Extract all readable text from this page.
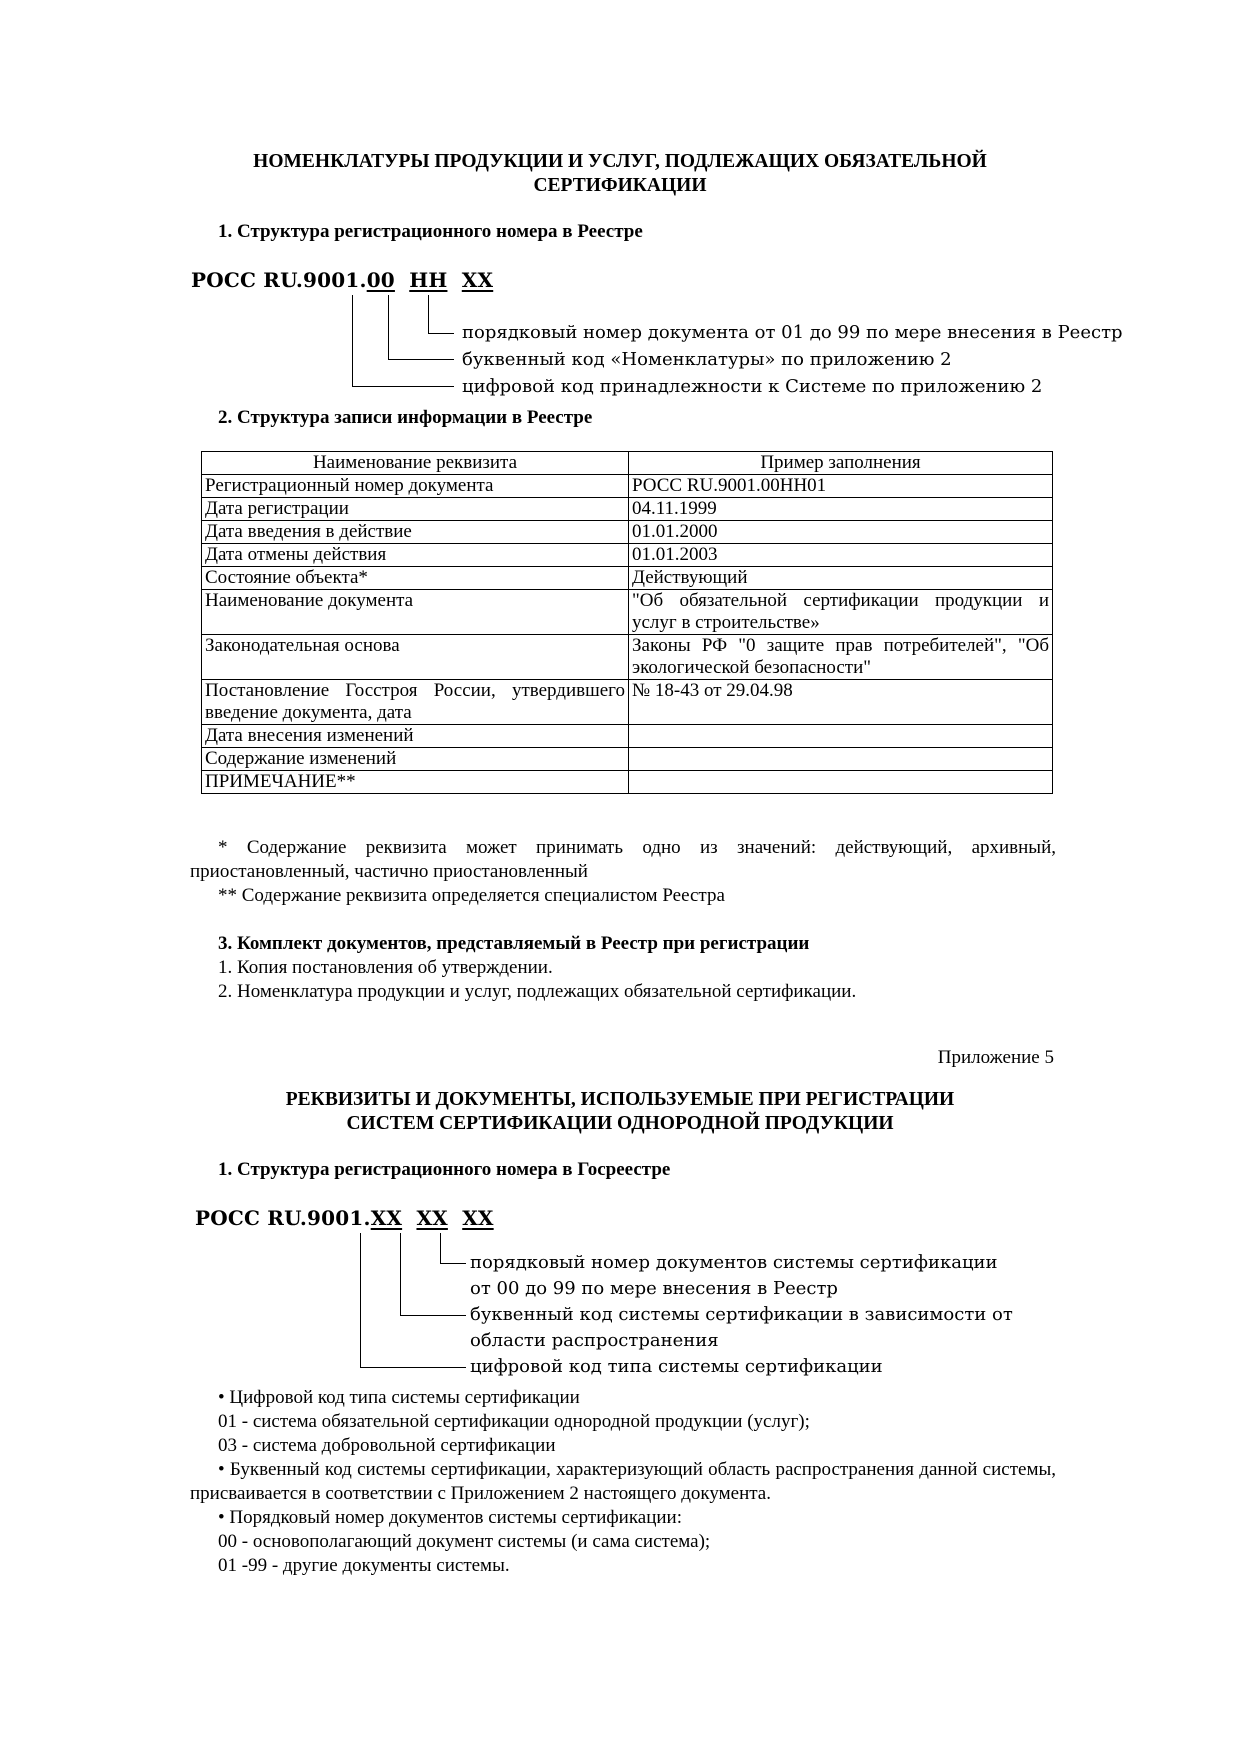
НОМЕНКЛАТУРЫ ПРОДУКЦИИ И УСЛУГ, ПОДЛЕЖАЩИХ ОБЯЗАТЕЛЬНОЙ
СЕРТИФИКАЦИИ
1. Структура регистрационного номера в Реестре
РОСС RU.9001.00 НН ХХ
порядковый номер документа от 01 до 99 по мере внесения в Реестр
буквенный код «Номенклатуры» по приложению 2
цифровой код принадлежности к Системе по приложению 2
2. Структура записи информации в Реестре
Наименование реквизита	Пример заполнения
Регистрационный номер документа	РОСС RU.9001.00НН01
Дата регистрации	04.11.1999
Дата введения в действие	01.01.2000
Дата отмены действия	01.01.2003
Состояние объекта*	Действующий
Наименование документа	"Об обязательной сертификации продукции и услуг в строительстве»
Законодательная основа	Законы РФ "0 защите прав потребителей", "Об экологической безопасности"
Постановление Госстроя России, утвердившего введение документа, дата	№ 18-43 от 29.04.98
Дата внесения изменений	
Содержание изменений	
ПРИМЕЧАНИЕ**	
* Содержание реквизита может принимать одно из значений: действующий, архивный, приостановленный, частично приостановленный
** Содержание реквизита определяется специалистом Реестра
3. Комплект документов, представляемый в Реестр при регистрации
1. Копия постановления об утверждении.
2. Номенклатура продукции и услуг, подлежащих обязательной сертификации.
Приложение 5
РЕКВИЗИТЫ И ДОКУМЕНТЫ, ИСПОЛЬЗУЕМЫЕ ПРИ РЕГИСТРАЦИИ
СИСТЕМ СЕРТИФИКАЦИИ ОДНОРОДНОЙ ПРОДУКЦИИ
1. Структура регистрационного номера в Госреестре
РОСС RU.9001.XX XX XX
порядковый номер документов системы сертификации
от 00 до 99 по мере внесения в Реестр
буквенный код системы сертификации в зависимости от
области распространения
цифровой код типа системы сертификации
• Цифровой код типа системы сертификации
01 - система обязательной сертификации однородной продукции (услуг);
03 - система добровольной сертификации
• Буквенный код системы сертификации, характеризующий область распространения данной системы, присваивается в соответствии с Приложением 2 настоящего документа.
• Порядковый номер документов системы сертификации:
00 - основополагающий документ системы (и сама система);
01 -99 - другие документы системы.
